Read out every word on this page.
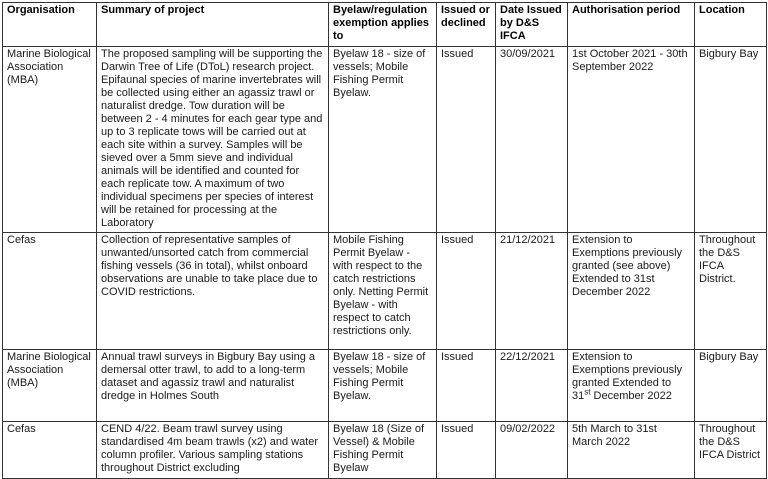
Organisation	Summary of project	Byelaw/regulation exemption applies to	Issued or declined	Date Issued by D&S IFCA	Authorisation period	Location
Marine Biological Association (MBA)	The proposed sampling will be supporting the Darwin Tree of Life (DToL) research project. Epifaunal species of marine invertebrates will be collected using either an agassiz trawl or naturalist dredge. Tow duration will be between 2 - 4 minutes for each gear type and up to 3 replicate tows will be carried out at each site within a survey. Samples will be sieved over a 5mm sieve and individual animals will be identified and counted for each replicate tow. A maximum of two individual specimens per species of interest will be retained for processing at the Laboratory	Byelaw 18 - size of vessels; Mobile Fishing Permit Byelaw.	Issued	30/09/2021	1st October 2021 - 30th September 2022	Bigbury Bay
Cefas	Collection of representative samples of unwanted/unsorted catch from commercial fishing vessels (36 in total), whilst onboard observations are unable to take place due to COVID restrictions.	Mobile Fishing Permit Byelaw - with respect to the catch restrictions only. Netting Permit Byelaw - with respect to catch restrictions only.	Issued	21/12/2021	Extension to Exemptions previously granted (see above) Extended to 31st December 2022	Throughout the D&S IFCA District.
Marine Biological Association (MBA)	Annual trawl surveys in Bigbury Bay using a demersal otter trawl, to add to a long-term dataset and agassiz trawl and naturalist dredge in Holmes South	Byelaw 18 - size of vessels; Mobile Fishing Permit Byelaw.	Issued	22/12/2021	Extension to Exemptions previously granted Extended to 31st December 2022	Bigbury Bay
Cefas	CEND 4/22. Beam trawl survey using standardised 4m beam trawls (x2) and water column profiler. Various sampling stations throughout District excluding	Byelaw 18 (Size of Vessel) & Mobile Fishing Permit Byelaw	Issued	09/02/2022	5th March to 31st March 2022	Throughout the D&S IFCA District
